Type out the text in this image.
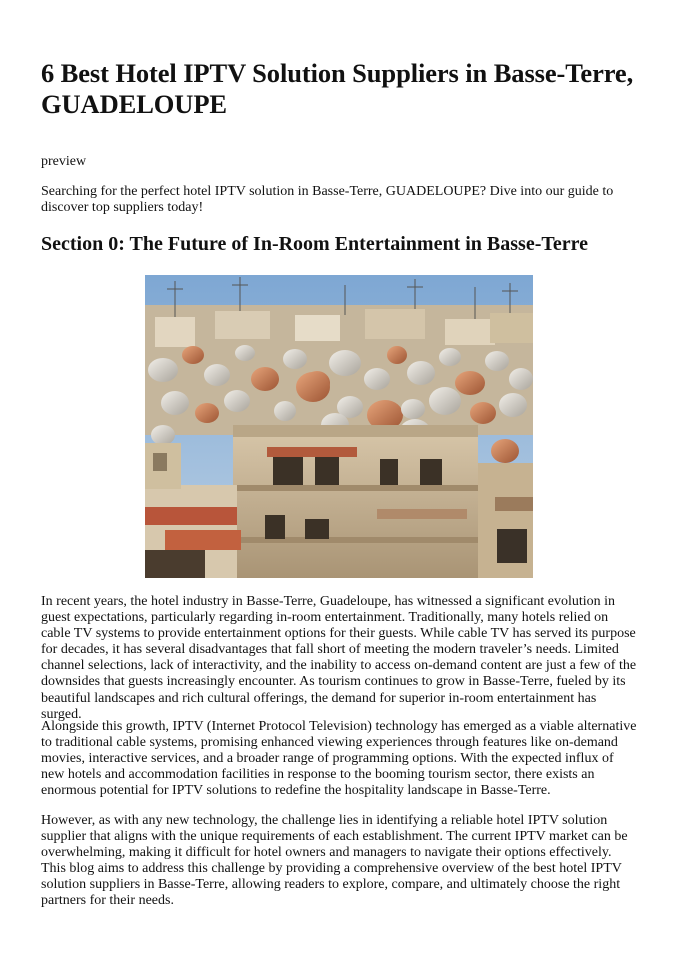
6 Best Hotel IPTV Solution Suppliers in Basse-Terre, GUADELOUPE
preview

Searching for the perfect hotel IPTV solution in Basse-Terre, GUADELOUPE? Dive into our guide to discover top suppliers today!

Section 0: The Future of In-Room Entertainment in Basse-Terre

In recent years, the hotel industry in Basse-Terre, Guadeloupe, has witnessed a significant evolution in guest expectations, particularly regarding in-room entertainment. Traditionally, many hotels relied on cable TV systems to provide entertainment options for their guests. While cable TV has served its purpose for decades, it has several disadvantages that fall short of meeting the modern traveler’s needs. Limited channel selections, lack of interactivity, and the inability to access on-demand content are just a few of the downsides that guests increasingly encounter. As tourism continues to grow in Basse-Terre, fueled by its beautiful landscapes and rich cultural offerings, the demand for superior in-room entertainment has surged.

Alongside this growth, IPTV (Internet Protocol Television) technology has emerged as a viable alternative to traditional cable systems, promising enhanced viewing experiences through features like on-demand movies, interactive services, and a broader range of programming options. With the expected influx of new hotels and accommodation facilities in response to the booming tourism sector, there exists an enormous potential for IPTV solutions to redefine the hospitality landscape in Basse-Terre.

However, as with any new technology, the challenge lies in identifying a reliable hotel IPTV solution supplier that aligns with the unique requirements of each establishment. The current IPTV market can be overwhelming, making it difficult for hotel owners and managers to navigate their options effectively. This blog aims to address this challenge by providing a comprehensive overview of the best hotel IPTV solution suppliers in Basse-Terre, allowing readers to explore, compare, and ultimately choose the right partners for their needs.
